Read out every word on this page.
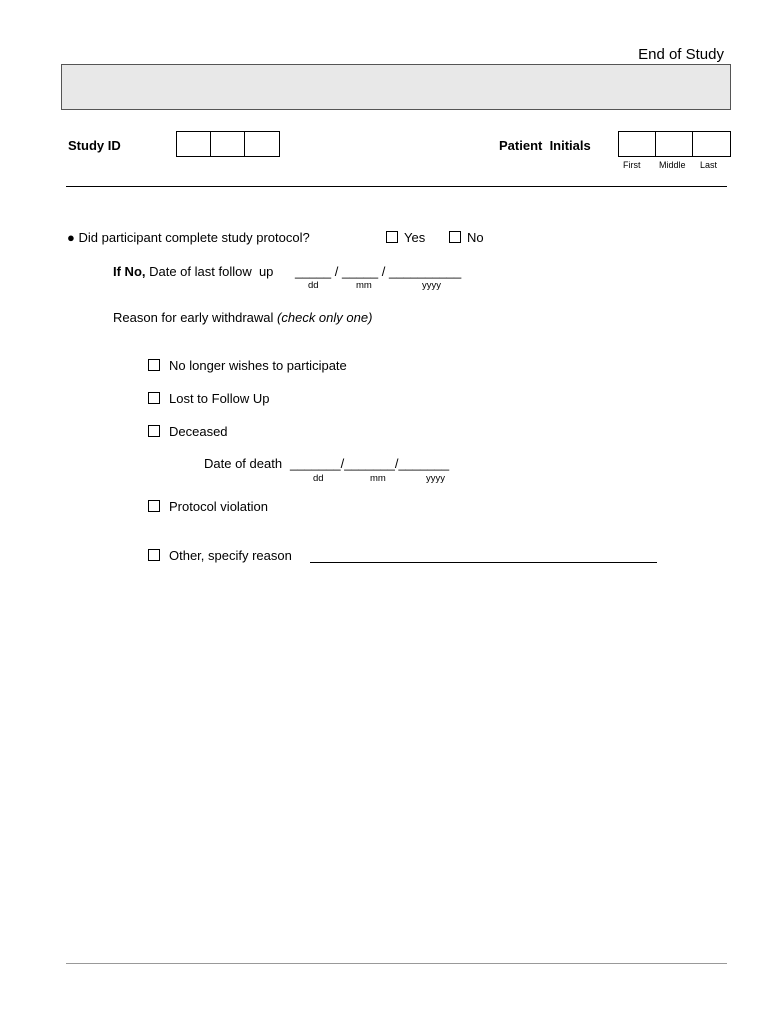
End of Study
Study ID	Patient  Initials
First Middle Last
● Did participant complete study protocol?	Yes	No
If No, Date of last follow  up _____ / _____ / __________
dd	mm	yyyy
Reason for early withdrawal (check only one)
No longer wishes to participate
Lost to Follow Up
Deceased
Date of death _______/_______/_______
dd	mm	yyyy
Protocol violation
Other, specify reason
